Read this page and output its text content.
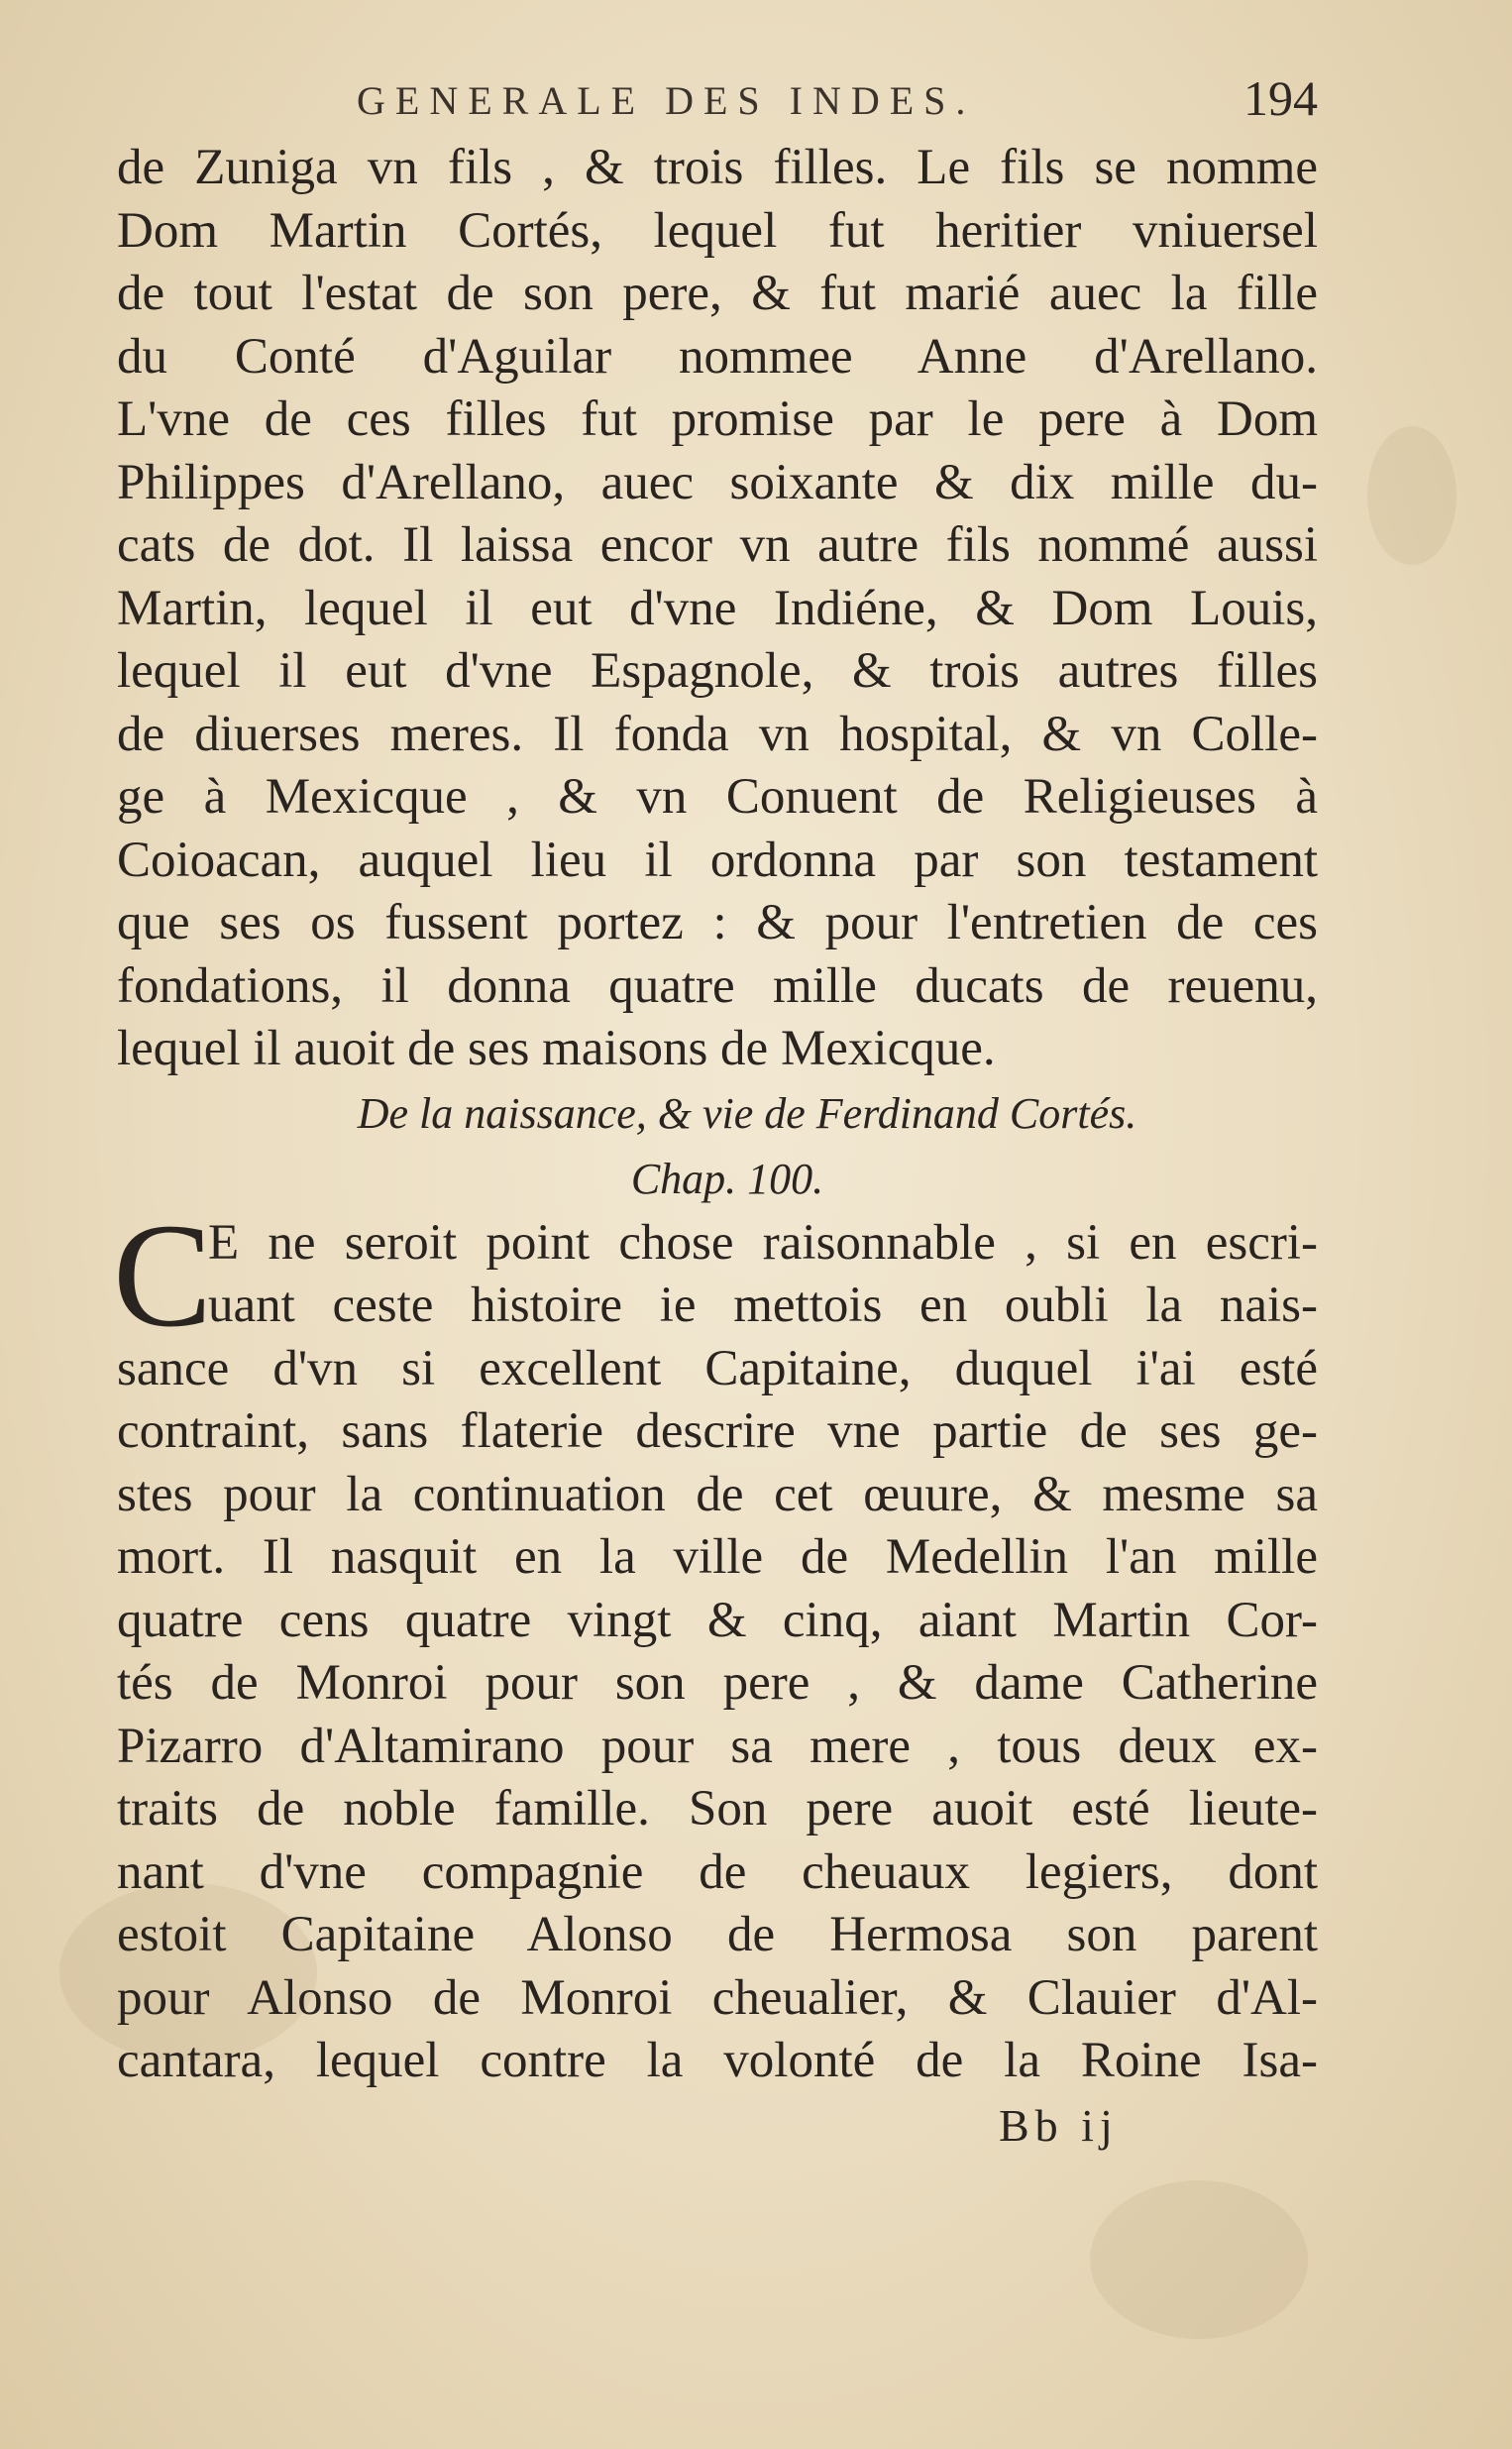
GENERALE DES INDES.	194
de Zuniga vn fils , & trois filles. Le fils se nomme
Dom Martin Cortés, lequel fut heritier vniuersel
de tout l'estat de son pere, & fut marié auec la fille
du Conté d'Aguilar nommee Anne d'Arellano.
L'vne de ces filles fut promise par le pere à Dom
Philippes d'Arellano, auec soixante & dix mille du-
cats de dot. Il laissa encor vn autre fils nommé aussi
Martin, lequel il eut d'vne Indiéne, & Dom Louis,
lequel il eut d'vne Espagnole, & trois autres filles
de diuerses meres. Il fonda vn hospital, & vn Colle-
ge à Mexicque , & vn Conuent de Religieuses à
Coioacan, auquel lieu il ordonna par son testament
que ses os fussent portez : & pour l'entretien de ces
fondations, il donna quatre mille ducats de reuenu,
lequel il auoit de ses maisons de Mexicque.
De la naissance, & vie de Ferdinand Cortés.
Chap. 100.
C
E ne seroit point chose raisonnable , si en escri-
uant ceste histoire ie mettois en oubli la nais-
sance d'vn si excellent Capitaine, duquel i'ai esté
contraint, sans flaterie descrire vne partie de ses ge-
stes pour la continuation de cet œuure, & mesme sa
mort. Il nasquit en la ville de Medellin l'an mille
quatre cens quatre vingt & cinq, aiant Martin Cor-
tés de Monroi pour son pere , & dame Catherine
Pizarro d'Altamirano pour sa mere , tous deux ex-
traits de noble famille. Son pere auoit esté lieute-
nant d'vne compagnie de cheuaux legiers, dont
estoit Capitaine Alonso de Hermosa son parent
pour Alonso de Monroi cheualier, & Clauier d'Al-
cantara, lequel contre la volonté de la Roine Isa-
Bb ij
